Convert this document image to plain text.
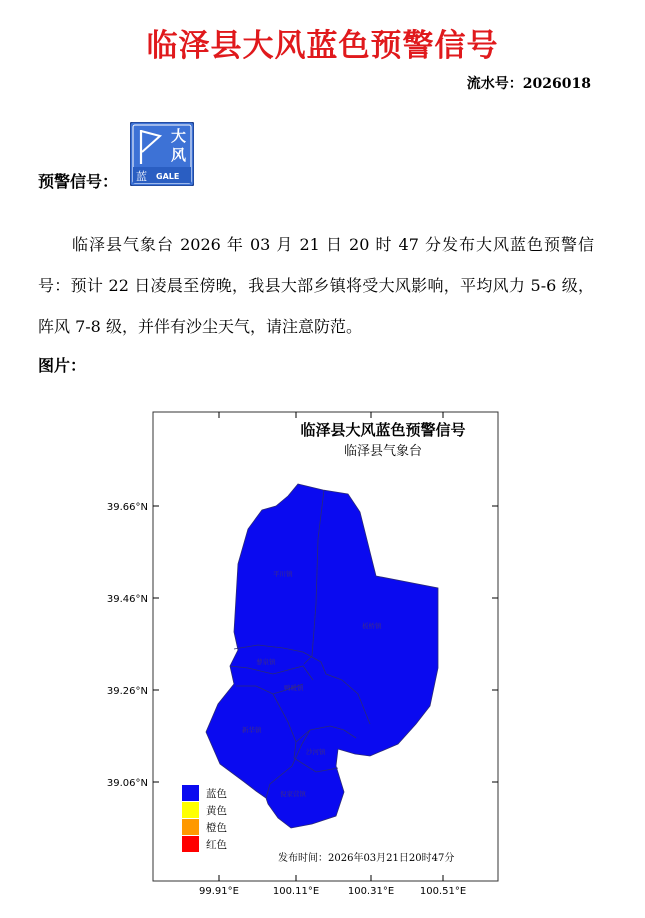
临泽县大风蓝色预警信号
流水号：2026018
预警信号：
大
风
蓝 GALE
临泽县气象台 2026 年 03 月 21 日 20 时 47 分发布大风蓝色预警信号：预计 22 日凌晨至傍晚，我县大部乡镇将受大风影响，平均风力 5-6 级，阵风 7-8 级，并伴有沙尘天气，请注意防范。
图片：
临泽县大风蓝色预警信号
临泽县气象台
39.66°N
39.46°N
39.26°N
39.06°N
99.91°E	100.11°E	100.31°E	100.51°E
平川镇
板桥镇
蓼泉镇
鸭暖镇
沙河镇
倪家营镇
新华镇
蓝色
黄色
橙色
红色
发布时间：2026年03月21日20时47分
